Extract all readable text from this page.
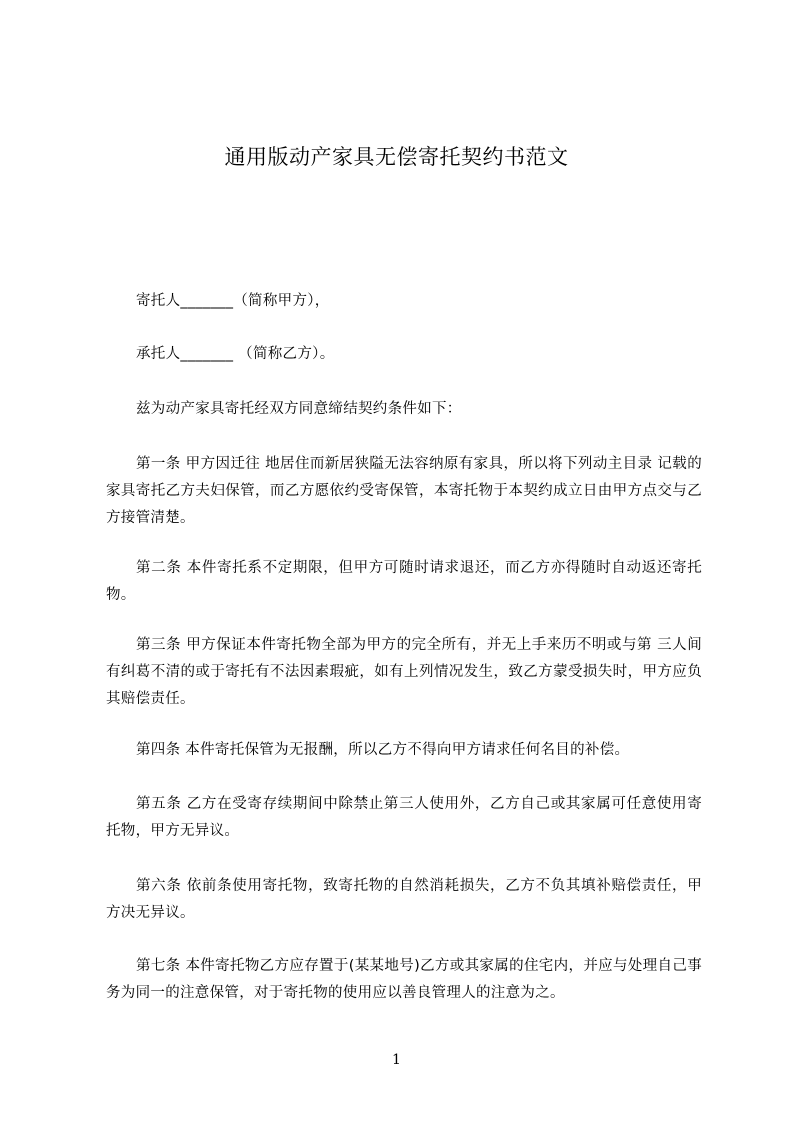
通用版动产家具无偿寄托契约书范文

寄托人_______（简称甲方），

承托人_______ （简称乙方）。

兹为动产家具寄托经双方同意缔结契约条件如下：

第一条 甲方因迁往 地居住而新居狭隘无法容纳原有家具，所以将下列动主目录 记载的家具寄托乙方夫妇保管，而乙方愿依约受寄保管，本寄托物于本契约成立日由甲方点交与乙方接管清楚。

第二条 本件寄托系不定期限，但甲方可随时请求退还，而乙方亦得随时自动返还寄托物。

第三条 甲方保证本件寄托物全部为甲方的完全所有，并无上手来历不明或与第 三人间有纠葛不清的或于寄托有不法因素瑕疵，如有上列情况发生，致乙方蒙受损失时，甲方应负其赔偿责任。

第四条 本件寄托保管为无报酬，所以乙方不得向甲方请求任何名目的补偿。

第五条 乙方在受寄存续期间中除禁止第三人使用外，乙方自己或其家属可任意使用寄托物，甲方无异议。

第六条 依前条使用寄托物，致寄托物的自然消耗损失，乙方不负其填补赔偿责任，甲方决无异议。

第七条 本件寄托物乙方应存置于(某某地号)乙方或其家属的住宅内，并应与处理自己事务为同一的注意保管，对于寄托物的使用应以善良管理人的注意为之。

1
